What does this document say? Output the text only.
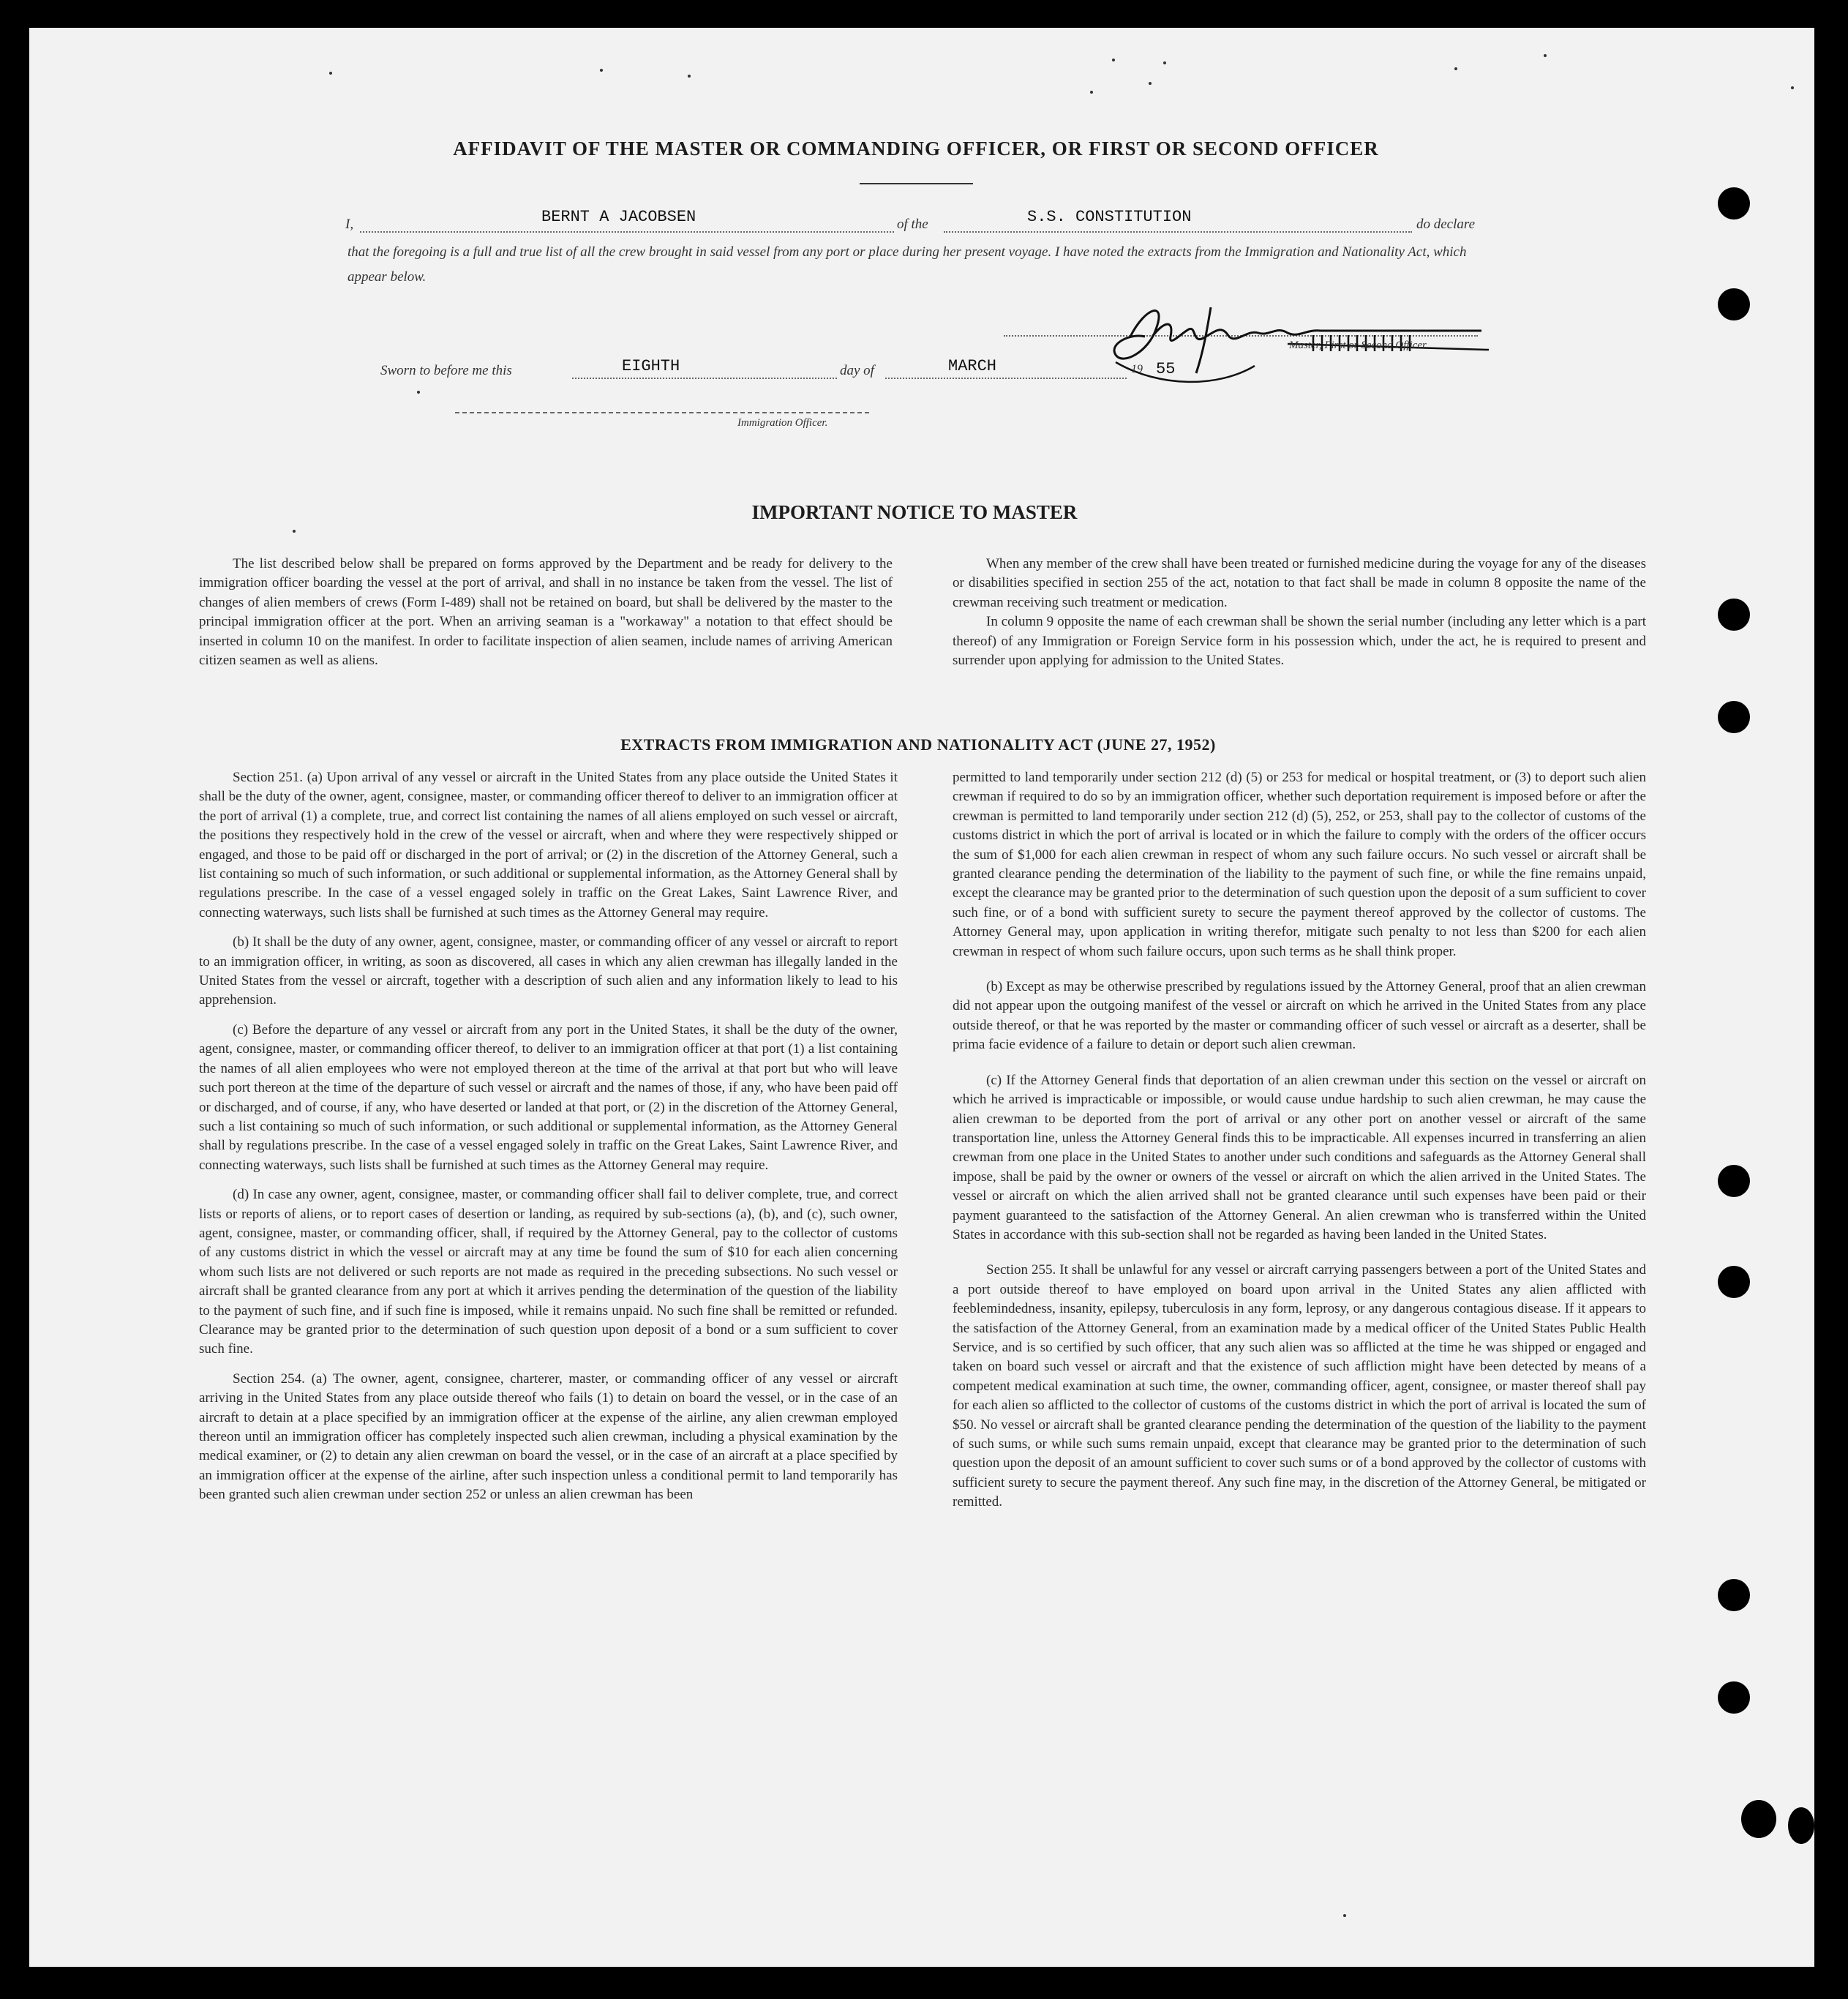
AFFIDAVIT OF THE MASTER OR COMMANDING OFFICER, OR FIRST OR SECOND OFFICER
I,	BERNT A JACOBSEN	of the	S.S. CONSTITUTION	do declare
that the foregoing is a full and true list of all the crew brought in said vessel from any port or place during her present voyage. I have noted the extracts from the Immigration and Nationality Act, which appear below.
Master, First or Second Officer
Sworn to before me this	EIGHTH	day of	MARCH	19 55
Immigration Officer.
IMPORTANT NOTICE TO MASTER

The list described below shall be prepared on forms approved by the Department and be ready for delivery to the immigration officer boarding the vessel at the port of arrival, and shall in no instance be taken from the vessel. The list of changes of alien members of crews (Form I-489) shall not be retained on board, but shall be delivered by the master to the principal immigration officer at the port. When an arriving seaman is a "workaway" a notation to that effect should be inserted in column 10 on the manifest. In order to facilitate inspection of alien seamen, include names of arriving American citizen seamen as well as aliens.

When any member of the crew shall have been treated or furnished medicine during the voyage for any of the diseases or disabilities specified in section 255 of the act, notation to that fact shall be made in column 8 opposite the name of the crewman receiving such treatment or medication.

In column 9 opposite the name of each crewman shall be shown the serial number (including any letter which is a part thereof) of any Immigration or Foreign Service form in his possession which, under the act, he is required to present and surrender upon applying for admission to the United States.

EXTRACTS FROM IMMIGRATION AND NATIONALITY ACT (JUNE 27, 1952)

Section 251. (a) Upon arrival of any vessel or aircraft in the United States from any place outside the United States it shall be the duty of the owner, agent, consignee, master, or commanding officer thereof to deliver to an immigration officer at the port of arrival (1) a complete, true, and correct list containing the names of all aliens employed on such vessel or aircraft, the positions they respectively hold in the crew of the vessel or aircraft, when and where they were respectively shipped or engaged, and those to be paid off or discharged in the port of arrival; or (2) in the discretion of the Attorney General, such a list containing so much of such information, or such additional or supplemental information, as the Attorney General shall by regulations prescribe. In the case of a vessel engaged solely in traffic on the Great Lakes, Saint Lawrence River, and connecting waterways, such lists shall be furnished at such times as the Attorney General may require.

(b) It shall be the duty of any owner, agent, consignee, master, or commanding officer of any vessel or aircraft to report to an immigration officer, in writing, as soon as discovered, all cases in which any alien crewman has illegally landed in the United States from the vessel or aircraft, together with a description of such alien and any information likely to lead to his apprehension.

(c) Before the departure of any vessel or aircraft from any port in the United States, it shall be the duty of the owner, agent, consignee, master, or commanding officer thereof, to deliver to an immigration officer at that port (1) a list containing the names of all alien employees who were not employed thereon at the time of the arrival at that port but who will leave such port thereon at the time of the departure of such vessel or aircraft and the names of those, if any, who have been paid off or discharged, and of course, if any, who have deserted or landed at that port, or (2) in the discretion of the Attorney General, such a list containing so much of such information, or such additional or supplemental information, as the Attorney General shall by regulations prescribe. In the case of a vessel engaged solely in traffic on the Great Lakes, Saint Lawrence River, and connecting waterways, such lists shall be furnished at such times as the Attorney General may require.

(d) In case any owner, agent, consignee, master, or commanding officer shall fail to deliver complete, true, and correct lists or reports of aliens, or to report cases of desertion or landing, as required by sub-sections (a), (b), and (c), such owner, agent, consignee, master, or commanding officer, shall, if required by the Attorney General, pay to the collector of customs of any customs district in which the vessel or aircraft may at any time be found the sum of $10 for each alien concerning whom such lists are not delivered or such reports are not made as required in the preceding subsections. No such vessel or aircraft shall be granted clearance from any port at which it arrives pending the determination of the question of the liability to the payment of such fine, and if such fine is imposed, while it remains unpaid. No such fine shall be remitted or refunded. Clearance may be granted prior to the determination of such question upon deposit of a bond or a sum sufficient to cover such fine.

Section 254. (a) The owner, agent, consignee, charterer, master, or commanding officer of any vessel or aircraft arriving in the United States from any place outside thereof who fails (1) to detain on board the vessel, or in the case of an aircraft to detain at a place specified by an immigration officer at the expense of the airline, any alien crewman employed thereon until an immigration officer has completely inspected such alien crewman, including a physical examination by the medical examiner, or (2) to detain any alien crewman on board the vessel, or in the case of an aircraft at a place specified by an immigration officer at the expense of the airline, after such inspection unless a conditional permit to land temporarily has been granted such alien crewman under section 252 or unless an alien crewman has been

permitted to land temporarily under section 212 (d) (5) or 253 for medical or hospital treatment, or (3) to deport such alien crewman if required to do so by an immigration officer, whether such deportation requirement is imposed before or after the crewman is permitted to land temporarily under section 212 (d) (5), 252, or 253, shall pay to the collector of customs of the customs district in which the port of arrival is located or in which the failure to comply with the orders of the officer occurs the sum of $1,000 for each alien crewman in respect of whom any such failure occurs. No such vessel or aircraft shall be granted clearance pending the determination of the liability to the payment of such fine, or while the fine remains unpaid, except the clearance may be granted prior to the determination of such question upon the deposit of a sum sufficient to cover such fine, or of a bond with sufficient surety to secure the payment thereof approved by the collector of customs. The Attorney General may, upon application in writing therefor, mitigate such penalty to not less than $200 for each alien crewman in respect of whom such failure occurs, upon such terms as he shall think proper.

(b) Except as may be otherwise prescribed by regulations issued by the Attorney General, proof that an alien crewman did not appear upon the outgoing manifest of the vessel or aircraft on which he arrived in the United States from any place outside thereof, or that he was reported by the master or commanding officer of such vessel or aircraft as a deserter, shall be prima facie evidence of a failure to detain or deport such alien crewman.

(c) If the Attorney General finds that deportation of an alien crewman under this section on the vessel or aircraft on which he arrived is impracticable or impossible, or would cause undue hardship to such alien crewman, he may cause the alien crewman to be deported from the port of arrival or any other port on another vessel or aircraft of the same transportation line, unless the Attorney General finds this to be impracticable. All expenses incurred in transferring an alien crewman from one place in the United States to another under such conditions and safeguards as the Attorney General shall impose, shall be paid by the owner or owners of the vessel or aircraft on which the alien arrived in the United States. The vessel or aircraft on which the alien arrived shall not be granted clearance until such expenses have been paid or their payment guaranteed to the satisfaction of the Attorney General. An alien crewman who is transferred within the United States in accordance with this sub-section shall not be regarded as having been landed in the United States.

Section 255. It shall be unlawful for any vessel or aircraft carrying passengers between a port of the United States and a port outside thereof to have employed on board upon arrival in the United States any alien afflicted with feeblemindedness, insanity, epilepsy, tuberculosis in any form, leprosy, or any dangerous contagious disease. If it appears to the satisfaction of the Attorney General, from an examination made by a medical officer of the United States Public Health Service, and is so certified by such officer, that any such alien was so afflicted at the time he was shipped or engaged and taken on board such vessel or aircraft and that the existence of such affliction might have been detected by means of a competent medical examination at such time, the owner, commanding officer, agent, consignee, or master thereof shall pay for each alien so afflicted to the collector of customs of the customs district in which the port of arrival is located the sum of $50. No vessel or aircraft shall be granted clearance pending the determination of the question of the liability to the payment of such sums, or while such sums remain unpaid, except that clearance may be granted prior to the determination of such question upon the deposit of an amount sufficient to cover such sums or of a bond approved by the collector of customs with sufficient surety to secure the payment thereof. Any such fine may, in the discretion of the Attorney General, be mitigated or remitted.
